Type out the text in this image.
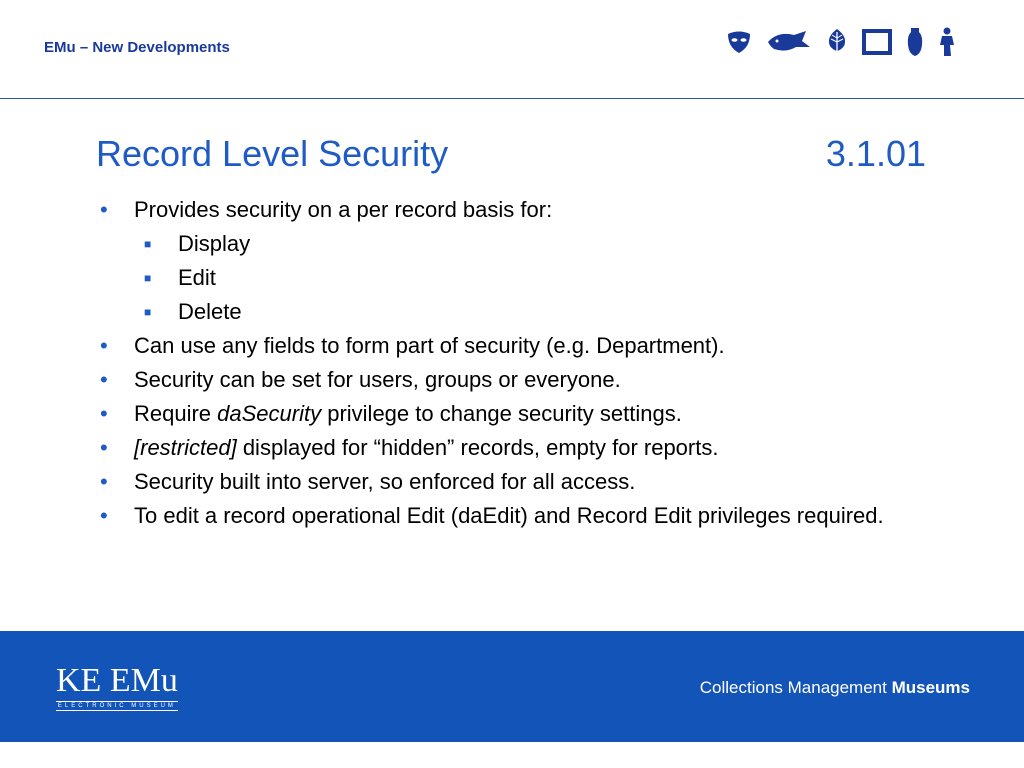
EMu – New Developments
Record Level Security	3.1.01
•	Provides security on a per record basis for:
■	Display
■	Edit
■	Delete
•	Can use any fields to form part of security (e.g. Department).
•	Security can be set for users, groups or everyone.
•	Require daSecurity privilege to change security settings.
•	[restricted] displayed for “hidden” records, empty for reports.
•	Security built into server, so enforced for all access.
•	To edit a record operational Edit (daEdit) and Record Edit privileges required.
KE EMu
ELECTRONIC MUSEUM
Collections Management Museums
